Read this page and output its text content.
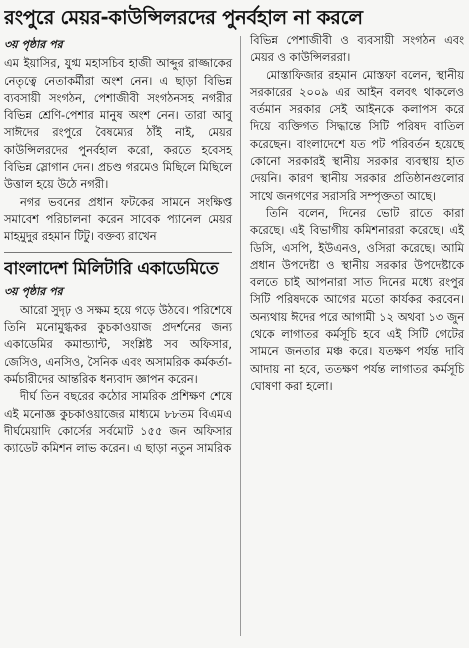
রংপুরে মেয়র-কাউন্সিলরদের পুনর্বহাল না করলে

৩য় পৃষ্ঠার পর

এম ইয়াসির, যুগ্ম মহাসচিব হাজী আব্দুর রাজ্জাকের নেতৃত্বে নেতাকর্মীরা অংশ নেন। এ ছাড়া বিভিন্ন ব্যবসায়ী সংগঠন, পেশাজীবী সংগঠনসহ নগরীর বিভিন্ন শ্রেণি-পেশার মানুষ অংশ নেন। তারা আবু সাঈদের রংপুরে বৈষম্যের ঠাঁই নাই, মেয়র কাউন্সিলরদের পুনর্বহাল করো, করতে হবেসহ বিভিন্ন স্লোগান দেন। প্রচণ্ড গরমেও মিছিলে মিছিলে উত্তাল হয়ে উঠে নগরী।

নগর ভবনের প্রধান ফটকের সামনে সংক্ষিপ্ত সমাবেশ পরিচালনা করেন সাবেক প্যানেল মেয়র মাহমুদুর রহমান টিটু। বক্তব্য রাখেন

বাংলাদেশ মিলিটারি একাডেমিতে

৩য় পৃষ্ঠার পর

আরো সুদৃঢ় ও সক্ষম হয়ে গড়ে উঠবে। পরিশেষে তিনি মনোমুগ্ধকর কুচকাওয়াজ প্রদর্শনের জন্য একাডেমির কমান্ড্যান্ট, সংশ্লিষ্ট সব অফিসার, জেসিও, এনসিও, সৈনিক এবং অসামরিক কর্মকর্তা-কর্মচারীদের আন্তরিক ধন্যবাদ জ্ঞাপন করেন।

দীর্ঘ তিন বছরের কঠোর সামরিক প্রশিক্ষণ শেষে এই মনোজ্ঞ কুচকাওয়াজের মাধ্যমে ৮৮তম বিএমএ দীর্ঘমেয়াদি কোর্সের সর্বমোট ১৫৫ জন অফিসার ক্যাডেট কমিশন লাভ করেন। এ ছাড়া নতুন সামরিক

বিভিন্ন পেশাজীবী ও ব্যবসায়ী সংগঠন এবং মেয়র ও কাউন্সিলররা।

মোস্তাফিজার রহমান মোস্তফা বলেন, স্থানীয় সরকারের ২০০৯ এর আইন বলবৎ থাকলেও বর্তমান সরকার সেই আইনকে কলাপস করে দিয়ে ব্যক্তিগত সিদ্ধান্তে সিটি পরিষদ বাতিল করেছেন। বাংলাদেশে যত পট পরিবর্তন হয়েছে কোনো সরকারই স্থানীয় সরকার ব্যবস্থায় হাত দেয়নি। কারণ স্থানীয় সরকার প্রতিষ্ঠানগুলোর সাথে জনগণের সরাসরি সম্পৃক্ততা আছে।

তিনি বলেন, দিনের ভোট রাতে কারা করেছে। এই বিভাগীয় কমিশনাররা করেছে। এই ডিসি, এসপি, ইউএনও, ওসিরা করেছে। আমি প্রধান উপদেষ্টা ও স্থানীয় সরকার উপদেষ্টাকে বলতে চাই আপনারা সাত দিনের মধ্যে রংপুর সিটি পরিষদকে আগের মতো কার্যকর করবেন। অন্যথায় ঈদের পরে আগামী ১২ অথবা ১৩ জুন থেকে লাগাতর কর্মসূচি হবে এই সিটি গেটের সামনে জনতার মঞ্চ করে। যতক্ষণ পর্যন্ত দাবি আদায় না হবে, ততক্ষণ পর্যন্ত লাগাতর কর্মসূচি ঘোষণা করা হলো।
